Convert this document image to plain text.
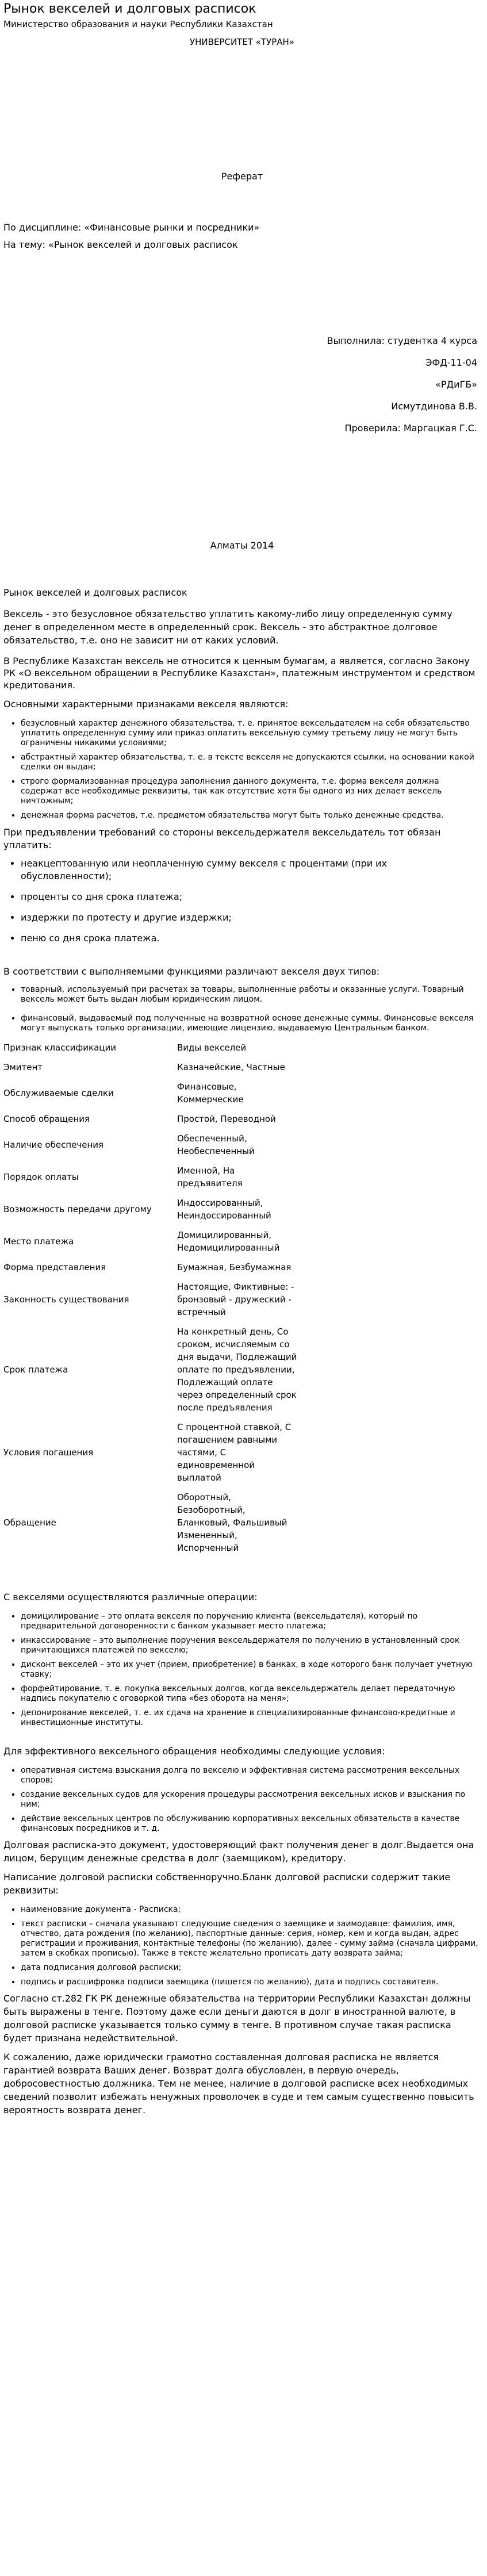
Рынок векселей и долговых расписок

Министерство образования и науки Республики Казахстан

УНИВЕРСИТЕТ «ТУРАН»

Реферат

По дисциплине: «Финансовые рынки и посредники»

На тему: «Рынок векселей и долговых расписок

Выполнила: студентка 4 курса

ЭФД-11-04

«РДиГБ»

Исмутдинова В.В.

Проверила: Маргацкая Г.С.

Алматы 2014

Рынок векселей и долговых расписок

Вексель - это безусловное обязательство уплатить какому-либо лицу определенную сумму денег в определенном месте в определенный срок. Вексель - это абстрактное долговое обязательство, т.е. оно не зависит ни от каких условий.

В Республике Казахстан вексель не относится к ценным бумагам, а является, согласно Закону РК «О вексельном обращении в Республике Казахстан», платежным инструментом и средством кредитования.

Основными характерными признаками векселя являются:

• безусловный характер денежного обязательства, т. е. принятое вексельдателем на себя обязательство уплатить определенную сумму или приказ оплатить вексельную сумму третьему лицу не могут быть ограничены никакими условиями;
• абстрактный характер обязательства, т. е. в тексте векселя не допускаются ссылки, на основании какой сделки он выдан;
• строго формализованная процедура заполнения данного документа, т.е. форма векселя должна содержат все необходимые реквизиты, так как отсутствие хотя бы одного из них делает вексель ничтожным;
• денежная форма расчетов, т.е. предметом обязательства могут быть только денежные средства.

При предъявлении требований со стороны вексельдержателя вексельдатель тот обязан уплатить:

• неакцептованную или неоплаченную сумму векселя с процентами (при их обусловленности);
• проценты со дня срока платежа;
• издержки по протесту и другие издержки;
• пеню со дня срока платежа.

В соответствии с выполняемыми функциями различают векселя двух типов:

• товарный, используемый при расчетах за товары, выполненные работы и оказанные услуги. Товарный вексель может быть выдан любым юридическим лицом.
• финансовый, выдаваемый под полученные на возвратной основе денежные суммы. Финансовые векселя могут выпускать только организации, имеющие лицензию, выдаваемую Центральным банком.
Признак классификации	Виды векселей
Эмитент	Казначейские, Частные
Обслуживаемые сделки	Финансовые, Коммерческие
Способ обращения	Простой, Переводной
Наличие обеспечения	Обеспеченный, Необеспеченный
Порядок оплаты	Именной, На предъявителя
Возможность передачи другому	Индоссированный, Неиндоссированный
Место платежа	Домицилированный, Недомицилированный
Форма представления	Бумажная, Безбумажная
Законность существования	Настоящие, Фиктивные: - бронзовый - дружеский - встречный
Срок платежа	На конкретный день, Со сроком, исчисляемым со дня выдачи, Подлежащий оплате по предъявлении, Подлежащий оплате через определенный срок после предъявления
Условия погашения	С процентной ставкой, С погашением равными частями, С единовременной выплатой
Обращение	Оборотный, Безоборотный, Бланковый, Фальшивый Измененный, Испорченный

С векселями осуществляются различные операции:

• домицилирование – это оплата векселя по поручению клиента (вексельдателя), который по предварительной договоренности с банком указывает место платежа;
• инкассирование – это выполнение поручения вексельдержателя по получению в установленный срок причитающихся платежей по векселю;
• дисконт векселей – это их учет (прием, приобретение) в банках, в ходе которого банк получает учетную ставку;
• форфейтирование, т. е. покупка вексельных долгов, когда вексельдержатель делает передаточную надпись покупателю с оговоркой типа «без оборота на меня»;
• депонирование векселей, т. е. их сдача на хранение в специализированные финансово-кредитные и инвестиционные институты.

Для эффективного вексельного обращения необходимы следующие условия:

• оперативная система взыскания долга по векселю и эффективная система рассмотрения вексельных споров;
• создание вексельных судов для ускорения процедуры рассмотрения вексельных исков и взыскания по ним;
• действие вексельных центров по обслуживанию корпоративных вексельных обязательств в качестве финансовых посредников и т. д.

Долговая расписка-это документ, удостоверяющий факт получения денег в долг.Выдается она лицом, берущим денежные средства в долг (заемщиком), кредитору.

Написание долговой расписки собственноручно.Бланк долговой расписки содержит такие реквизиты:

• наименование документа - Расписка;
• текст расписки – сначала указывают следующие сведения о заемщике и заимодавце: фамилия, имя, отчество, дата рождения (по желанию), паспортные данные: серия, номер, кем и когда выдан, адрес регистрации и проживания, контактные телефоны (по желанию), далее - сумму займа (сначала цифрами, затем в скобках прописью). Также в тексте желательно прописать дату возврата займа;
• дата подписания долговой расписки;
• подпись и расшифровка подписи заемщика (пишется по желанию), дата и подпись составителя.

Согласно ст.282 ГК РК денежные обязательства на территории Республики Казахстан должны быть выражены в тенге. Поэтому даже если деньги даются в долг в иностранной валюте, в долговой расписке указывается только сумму в тенге. В противном случае такая расписка будет признана недействительной.

К сожалению, даже юридически грамотно составленная долговая расписка не является гарантией возврата Ваших денег. Возврат долга обусловлен, в первую очередь, добросовестностью должника. Тем не менее, наличие в долговой расписке всех необходимых сведений позволит избежать ненужных проволочек в суде и тем самым существенно повысить вероятность возврата денег.
